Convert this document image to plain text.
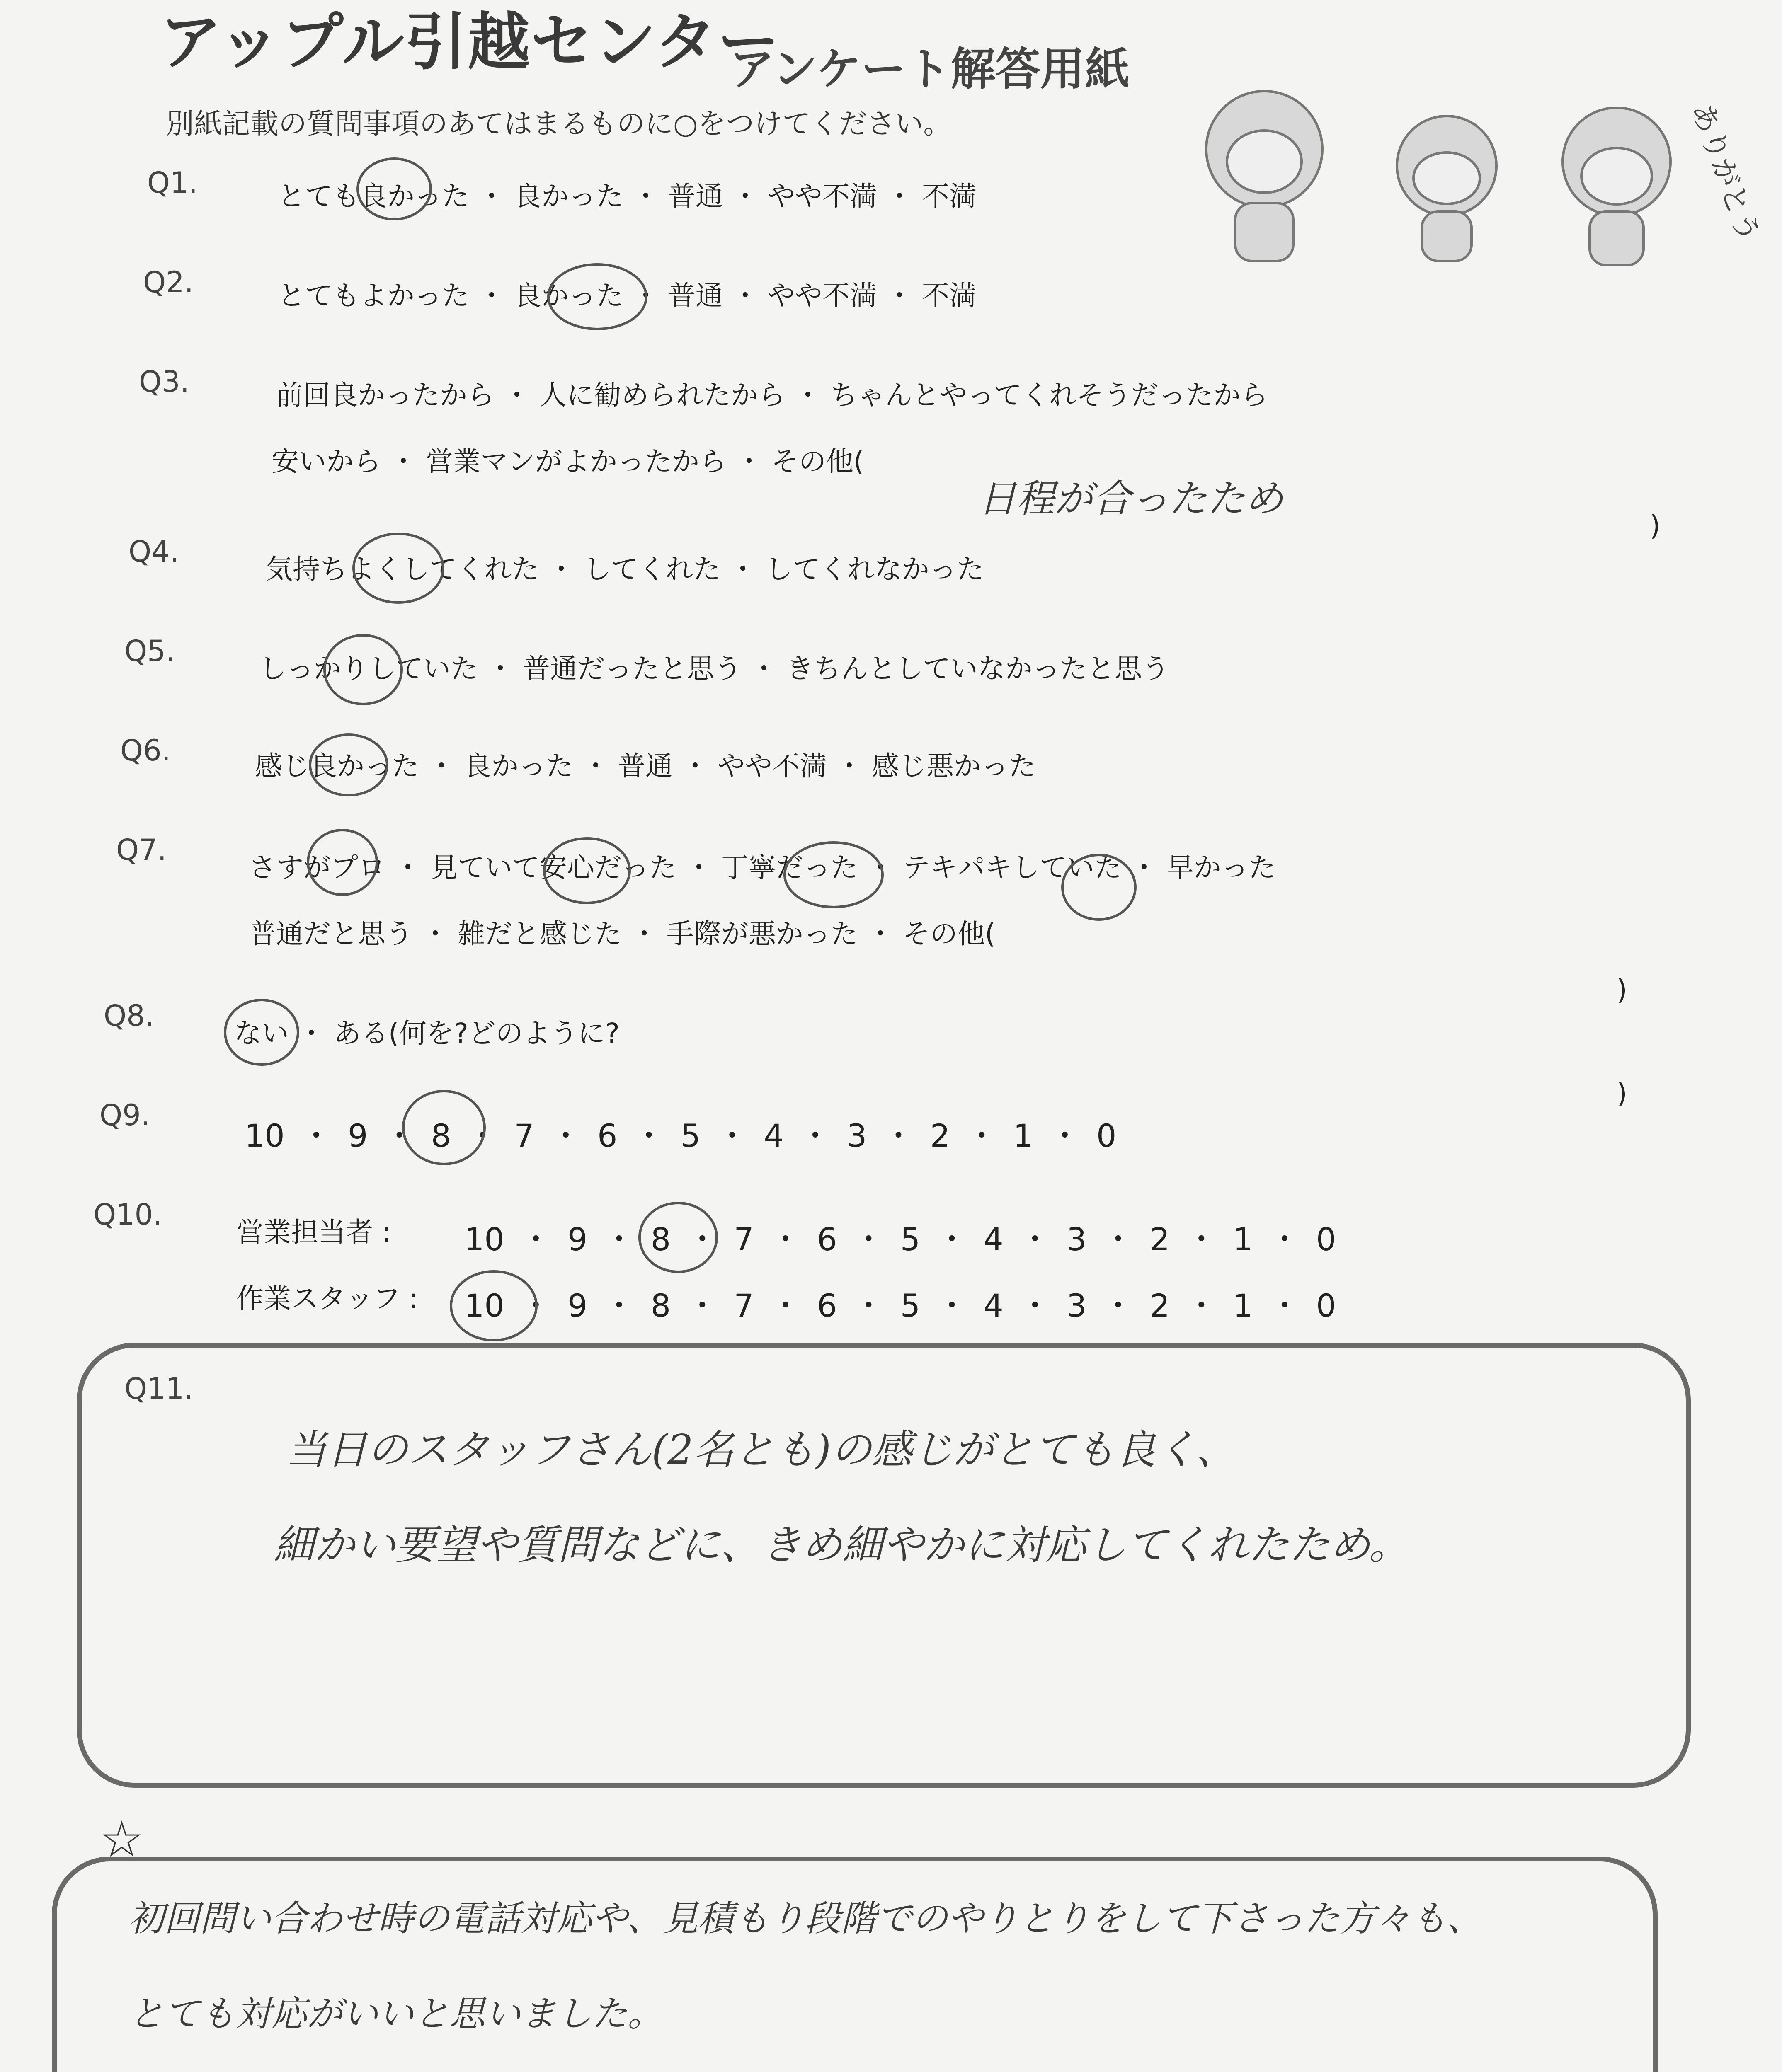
アップル引越センター
アンケート解答用紙
別紙記載の質問事項のあてはまるものに○をつけてください。	ありがとう
Q1.	とても良かった ・ 良かった ・ 普通 ・ やや不満 ・ 不満
Q2.	とてもよかった ・ 良かった ・ 普通 ・ やや不満 ・ 不満
Q3.	前回良かったから ・ 人に勧められたから ・ ちゃんとやってくれそうだったから
安いから ・ 営業マンがよかったから ・ その他(
日程が合ったため
)
Q4.
気持ちよくしてくれた ・ してくれた ・ してくれなかった
Q5.
しっかりしていた ・ 普通だったと思う ・ きちんとしていなかったと思う
Q6.	感じ良かった ・ 良かった ・ 普通 ・ やや不満 ・ 感じ悪かった
Q7.
さすがプロ ・ 見ていて安心だった ・ 丁寧だった ・ テキパキしていた ・ 早かった
普通だと思う ・ 雑だと感じた ・ 手際が悪かった ・ その他(
)
Q8.
ない ・ ある(何を?どのように?
)
Q9.
10 ・ 9 ・ 8 ・ 7 ・ 6 ・ 5 ・ 4 ・ 3 ・ 2 ・ 1 ・ 0
Q10.
営業担当者 : 10 ・ 9 ・ 8 ・ 7 ・ 6 ・ 5 ・ 4 ・ 3 ・ 2 ・ 1 ・ 0
作業スタッフ : 10 ・ 9 ・ 8 ・ 7 ・ 6 ・ 5 ・ 4 ・ 3 ・ 2 ・ 1 ・ 0
Q11.
当日のスタッフさん(2名とも)の感じがとても良く、
細かい要望や質問などに、きめ細やかに対応してくれたため。
☆
初回問い合わせ時の電話対応や、見積もり段階でのやりとりをして下さった方々も、
とても対応がいいと思いました。
